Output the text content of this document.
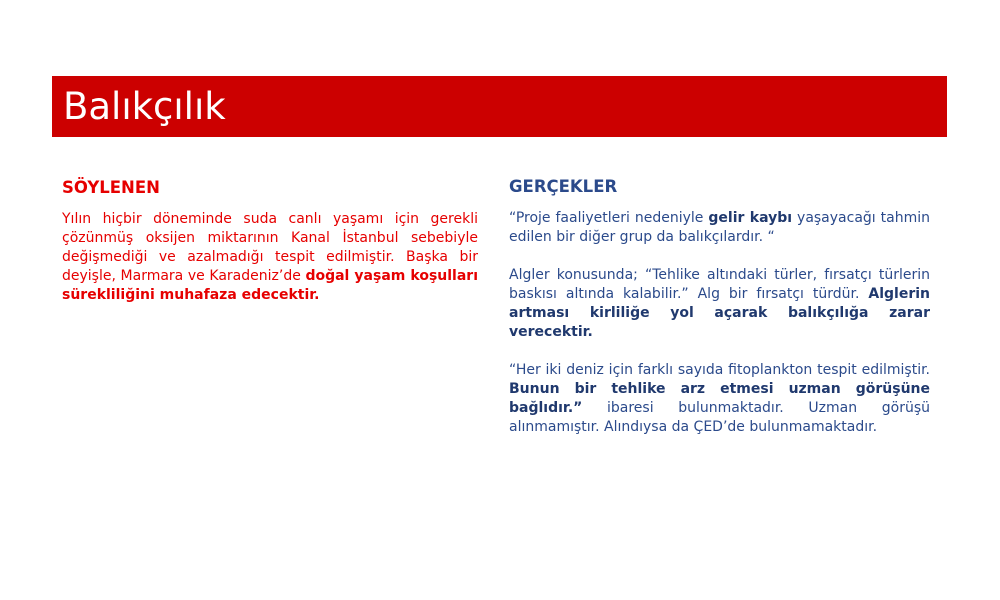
Balıkçılık
SÖYLENEN

Yılın hiçbir döneminde suda canlı yaşamı için gerekli çözünmüş oksijen miktarının Kanal İstanbul sebebiyle değişmediği ve azalmadığı tespit edilmiştir. Başka bir deyişle, Marmara ve Karadeniz’de doğal yaşam koşulları sürekliliğini muhafaza edecektir.

GERÇEKLER

“Proje faaliyetleri nedeniyle gelir kaybı yaşayacağı tahmin edilen bir diğer grup da balıkçılardır. “

Algler konusunda; “Tehlike altındaki türler, fırsatçı türlerin baskısı altında kalabilir.” Alg bir fırsatçı türdür. Alglerin artması kirliliğe yol açarak balıkçılığa zarar verecektir.

“Her iki deniz için farklı sayıda fitoplankton tespit edilmiştir. Bunun bir tehlike arz etmesi uzman görüşüne bağlıdır.” ibaresi bulunmaktadır. Uzman görüşü alınmamıştır. Alındıysa da ÇED’de bulunmamaktadır.
